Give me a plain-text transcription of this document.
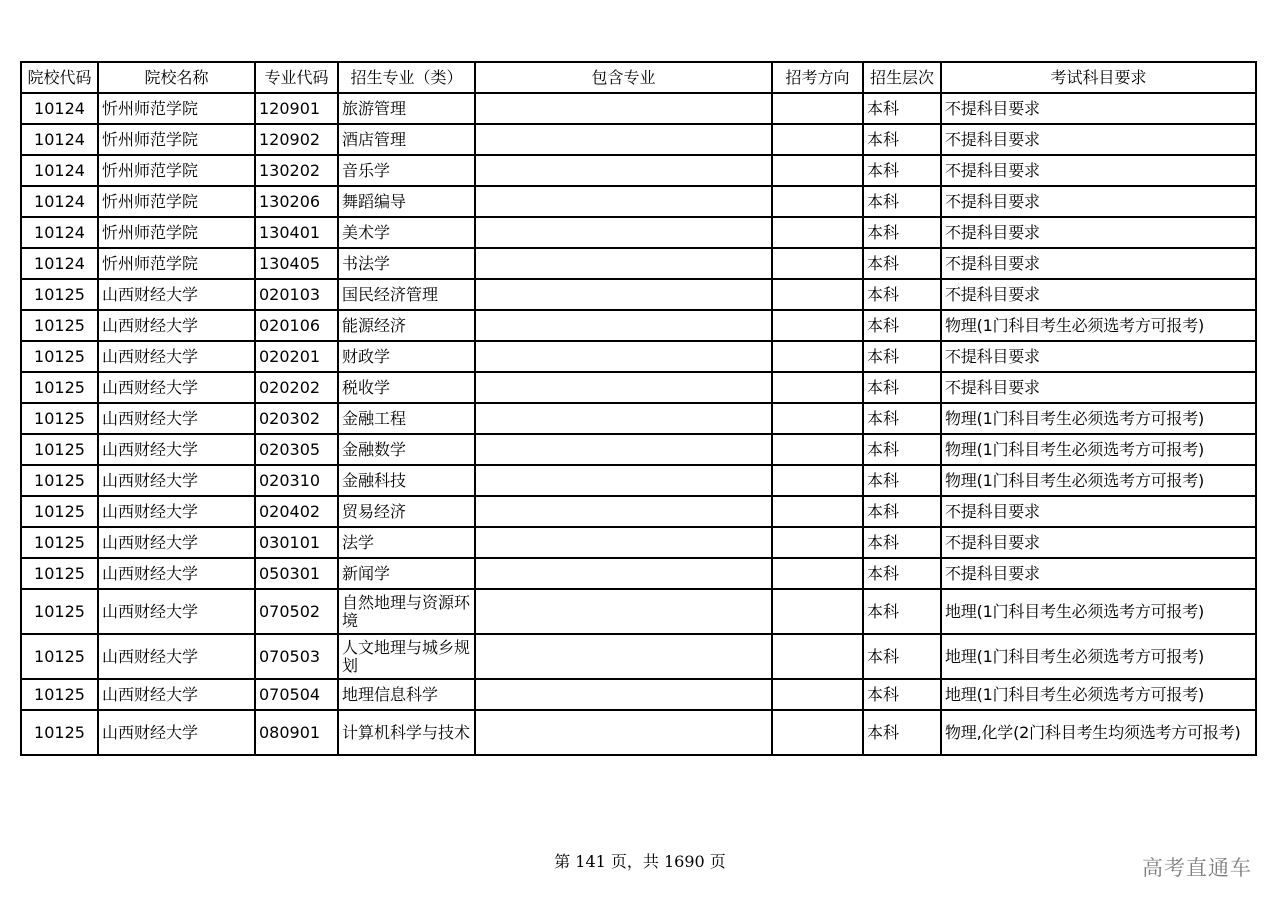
院校代码	院校名称	专业代码	招生专业（类）	包含专业	招考方向	招生层次	考试科目要求
10124	忻州师范学院	120901	旅游管理			本科	不提科目要求
10124	忻州师范学院	120902	酒店管理			本科	不提科目要求
10124	忻州师范学院	130202	音乐学			本科	不提科目要求
10124	忻州师范学院	130206	舞蹈编导			本科	不提科目要求
10124	忻州师范学院	130401	美术学			本科	不提科目要求
10124	忻州师范学院	130405	书法学			本科	不提科目要求
10125	山西财经大学	020103	国民经济管理			本科	不提科目要求
10125	山西财经大学	020106	能源经济			本科	物理(1门科目考生必须选考方可报考)
10125	山西财经大学	020201	财政学			本科	不提科目要求
10125	山西财经大学	020202	税收学			本科	不提科目要求
10125	山西财经大学	020302	金融工程			本科	物理(1门科目考生必须选考方可报考)
10125	山西财经大学	020305	金融数学			本科	物理(1门科目考生必须选考方可报考)
10125	山西财经大学	020310	金融科技			本科	物理(1门科目考生必须选考方可报考)
10125	山西财经大学	020402	贸易经济			本科	不提科目要求
10125	山西财经大学	030101	法学			本科	不提科目要求
10125	山西财经大学	050301	新闻学			本科	不提科目要求
10125	山西财经大学	070502	自然地理与资源环境			本科	地理(1门科目考生必须选考方可报考)
10125	山西财经大学	070503	人文地理与城乡规划			本科	地理(1门科目考生必须选考方可报考)
10125	山西财经大学	070504	地理信息科学			本科	地理(1门科目考生必须选考方可报考)
10125	山西财经大学	080901	计算机科学与技术			本科	物理,化学(2门科目考生均须选考方可报考)
第 141 页，共 1690 页	高考直通车
